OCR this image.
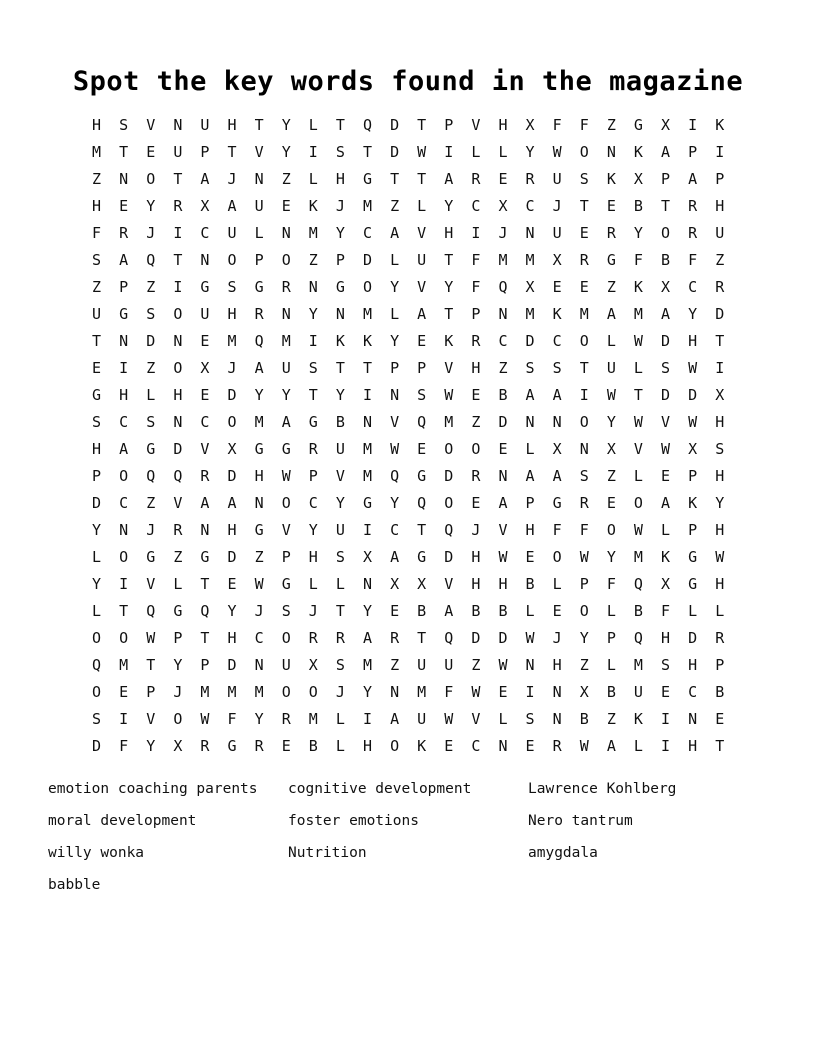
Spot the key words found in the magazine
H	S	V	N	U	H	T	Y	L	T	Q	D	T	P	V	H	X	F	F	Z	G	X	I	K
M	T	E	U	P	T	V	Y	I	S	T	D	W	I	L	L	Y	W	O	N	K	A	P	I
Z	N	O	T	A	J	N	Z	L	H	G	T	T	A	R	E	R	U	S	K	X	P	A	P
H	E	Y	R	X	A	U	E	K	J	M	Z	L	Y	C	X	C	J	T	E	B	T	R	H
F	R	J	I	C	U	L	N	M	Y	C	A	V	H	I	J	N	U	E	R	Y	O	R	U
S	A	Q	T	N	O	P	O	Z	P	D	L	U	T	F	M	M	X	R	G	F	B	F	Z
Z	P	Z	I	G	S	G	R	N	G	O	Y	V	Y	F	Q	X	E	E	Z	K	X	C	R
U	G	S	O	U	H	R	N	Y	N	M	L	A	T	P	N	M	K	M	A	M	A	Y	D
T	N	D	N	E	M	Q	M	I	K	K	Y	E	K	R	C	D	C	O	L	W	D	H	T
E	I	Z	O	X	J	A	U	S	T	T	P	P	V	H	Z	S	S	T	U	L	S	W	I
G	H	L	H	E	D	Y	Y	T	Y	I	N	S	W	E	B	A	A	I	W	T	D	D	X
S	C	S	N	C	O	M	A	G	B	N	V	Q	M	Z	D	N	N	O	Y	W	V	W	H
H	A	G	D	V	X	G	G	R	U	M	W	E	O	O	E	L	X	N	X	V	W	X	S
P	O	Q	Q	R	D	H	W	P	V	M	Q	G	D	R	N	A	A	S	Z	L	E	P	H
D	C	Z	V	A	A	N	O	C	Y	G	Y	Q	O	E	A	P	G	R	E	O	A	K	Y
Y	N	J	R	N	H	G	V	Y	U	I	C	T	Q	J	V	H	F	F	O	W	L	P	H
L	O	G	Z	G	D	Z	P	H	S	X	A	G	D	H	W	E	O	W	Y	M	K	G	W
Y	I	V	L	T	E	W	G	L	L	N	X	X	V	H	H	B	L	P	F	Q	X	G	H
L	T	Q	G	Q	Y	J	S	J	T	Y	E	B	A	B	B	L	E	O	L	B	F	L	L
O	O	W	P	T	H	C	O	R	R	A	R	T	Q	D	D	W	J	Y	P	Q	H	D	R
Q	M	T	Y	P	D	N	U	X	S	M	Z	U	U	Z	W	N	H	Z	L	M	S	H	P
O	E	P	J	M	M	M	O	O	J	Y	N	M	F	W	E	I	N	X	B	U	E	C	B
S	I	V	O	W	F	Y	R	M	L	I	A	U	W	V	L	S	N	B	Z	K	I	N	E
D	F	Y	X	R	G	R	E	B	L	H	O	K	E	C	N	E	R	W	A	L	I	H	T
emotion coaching parents	cognitive development	Lawrence Kohlberg
moral development	foster emotions	Nero tantrum
willy wonka	Nutrition	amygdala
babble
